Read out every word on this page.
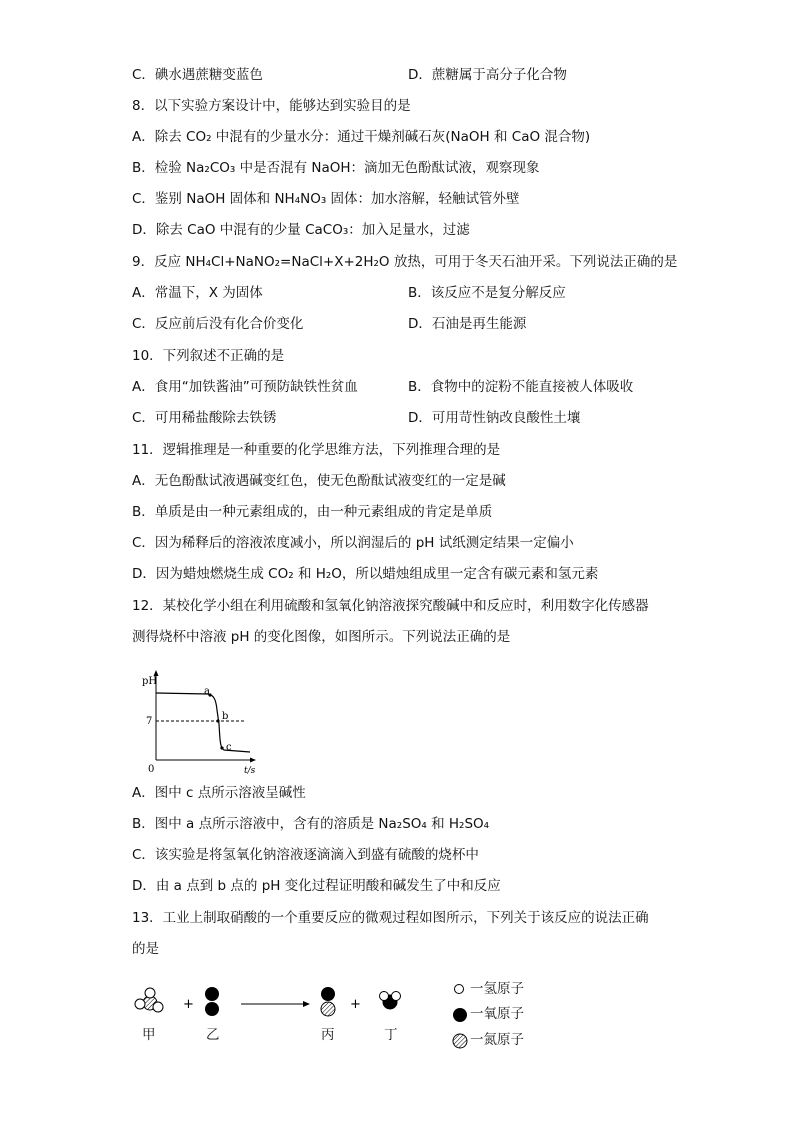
C．碘水遇蔗糖变蓝色	D．蔗糖属于高分子化合物
8．以下实验方案设计中，能够达到实验目的是
A．除去 CO₂ 中混有的少量水分：通过干燥剂碱石灰(NaOH 和 CaO 混合物)
B．检验 Na₂CO₃ 中是否混有 NaOH：滴加无色酚酞试液，观察现象
C．鉴别 NaOH 固体和 NH₄NO₃ 固体：加水溶解，轻触试管外壁
D．除去 CaO 中混有的少量 CaCO₃：加入足量水，过滤
9．反应 NH₄Cl+NaNO₂=NaCl+X+2H₂O 放热，可用于冬天石油开采。下列说法正确的是
A．常温下，X 为固体	B．该反应不是复分解反应
C．反应前后没有化合价变化	D．石油是再生能源
10．下列叙述不正确的是
A．食用“加铁酱油”可预防缺铁性贫血	B．食物中的淀粉不能直接被人体吸收
C．可用稀盐酸除去铁锈	D．可用苛性钠改良酸性土壤
11．逻辑推理是一种重要的化学思维方法，下列推理合理的是
A．无色酚酞试液遇碱变红色，使无色酚酞试液变红的一定是碱
B．单质是由一种元素组成的，由一种元素组成的肯定是单质
C．因为稀释后的溶液浓度减小，所以润湿后的 pH 试纸测定结果一定偏小
D．因为蜡烛燃烧生成 CO₂ 和 H₂O，所以蜡烛组成里一定含有碳元素和氢元素
12．某校化学小组在利用硫酸和氢氧化钠溶液探究酸碱中和反应时，利用数字化传感器
测得烧杯中溶液 pH 的变化图像，如图所示。下列说法正确的是
pH
7
0	t/s
a
b
c
A．图中 c 点所示溶液呈碱性
B．图中 a 点所示溶液中，含有的溶质是 Na₂SO₄ 和 H₂SO₄
C．该实验是将氢氧化钠溶液逐滴滴入到盛有硫酸的烧杯中
D．由 a 点到 b 点的 pH 变化过程证明酸和碱发生了中和反应
13．工业上制取硝酸的一个重要反应的微观过程如图所示，下列关于该反应的说法正确
的是
+	+
甲	乙	丙	丁
一氢原子
一氧原子
一氮原子
